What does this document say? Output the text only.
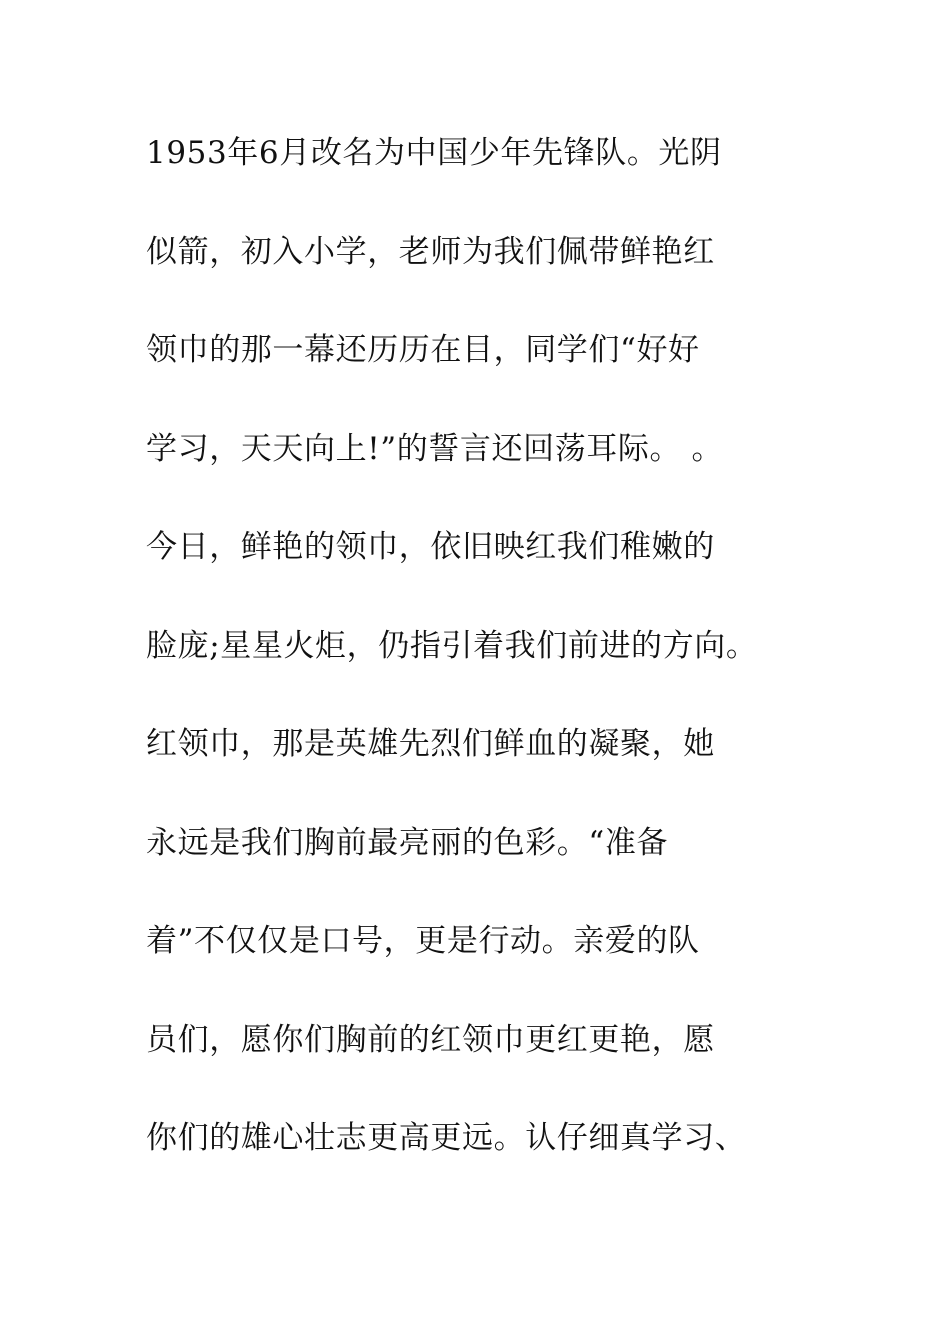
1953年6月改名为中国少年先锋队。光阴
似箭，初入小学，老师为我们佩带鲜艳红
领巾的那一幕还历历在目，同学们“好好
学习，天天向上!”的誓言还回荡耳际。 。
今日，鲜艳的领巾，依旧映红我们稚嫩的
脸庞;星星火炬，仍指引着我们前进的方向。
红领巾，那是英雄先烈们鲜血的凝聚，她
永远是我们胸前最亮丽的色彩。“准备
着”不仅仅是口号，更是行动。亲爱的队
员们，愿你们胸前的红领巾更红更艳，愿
你们的雄心壮志更高更远。认仔细真学习、
